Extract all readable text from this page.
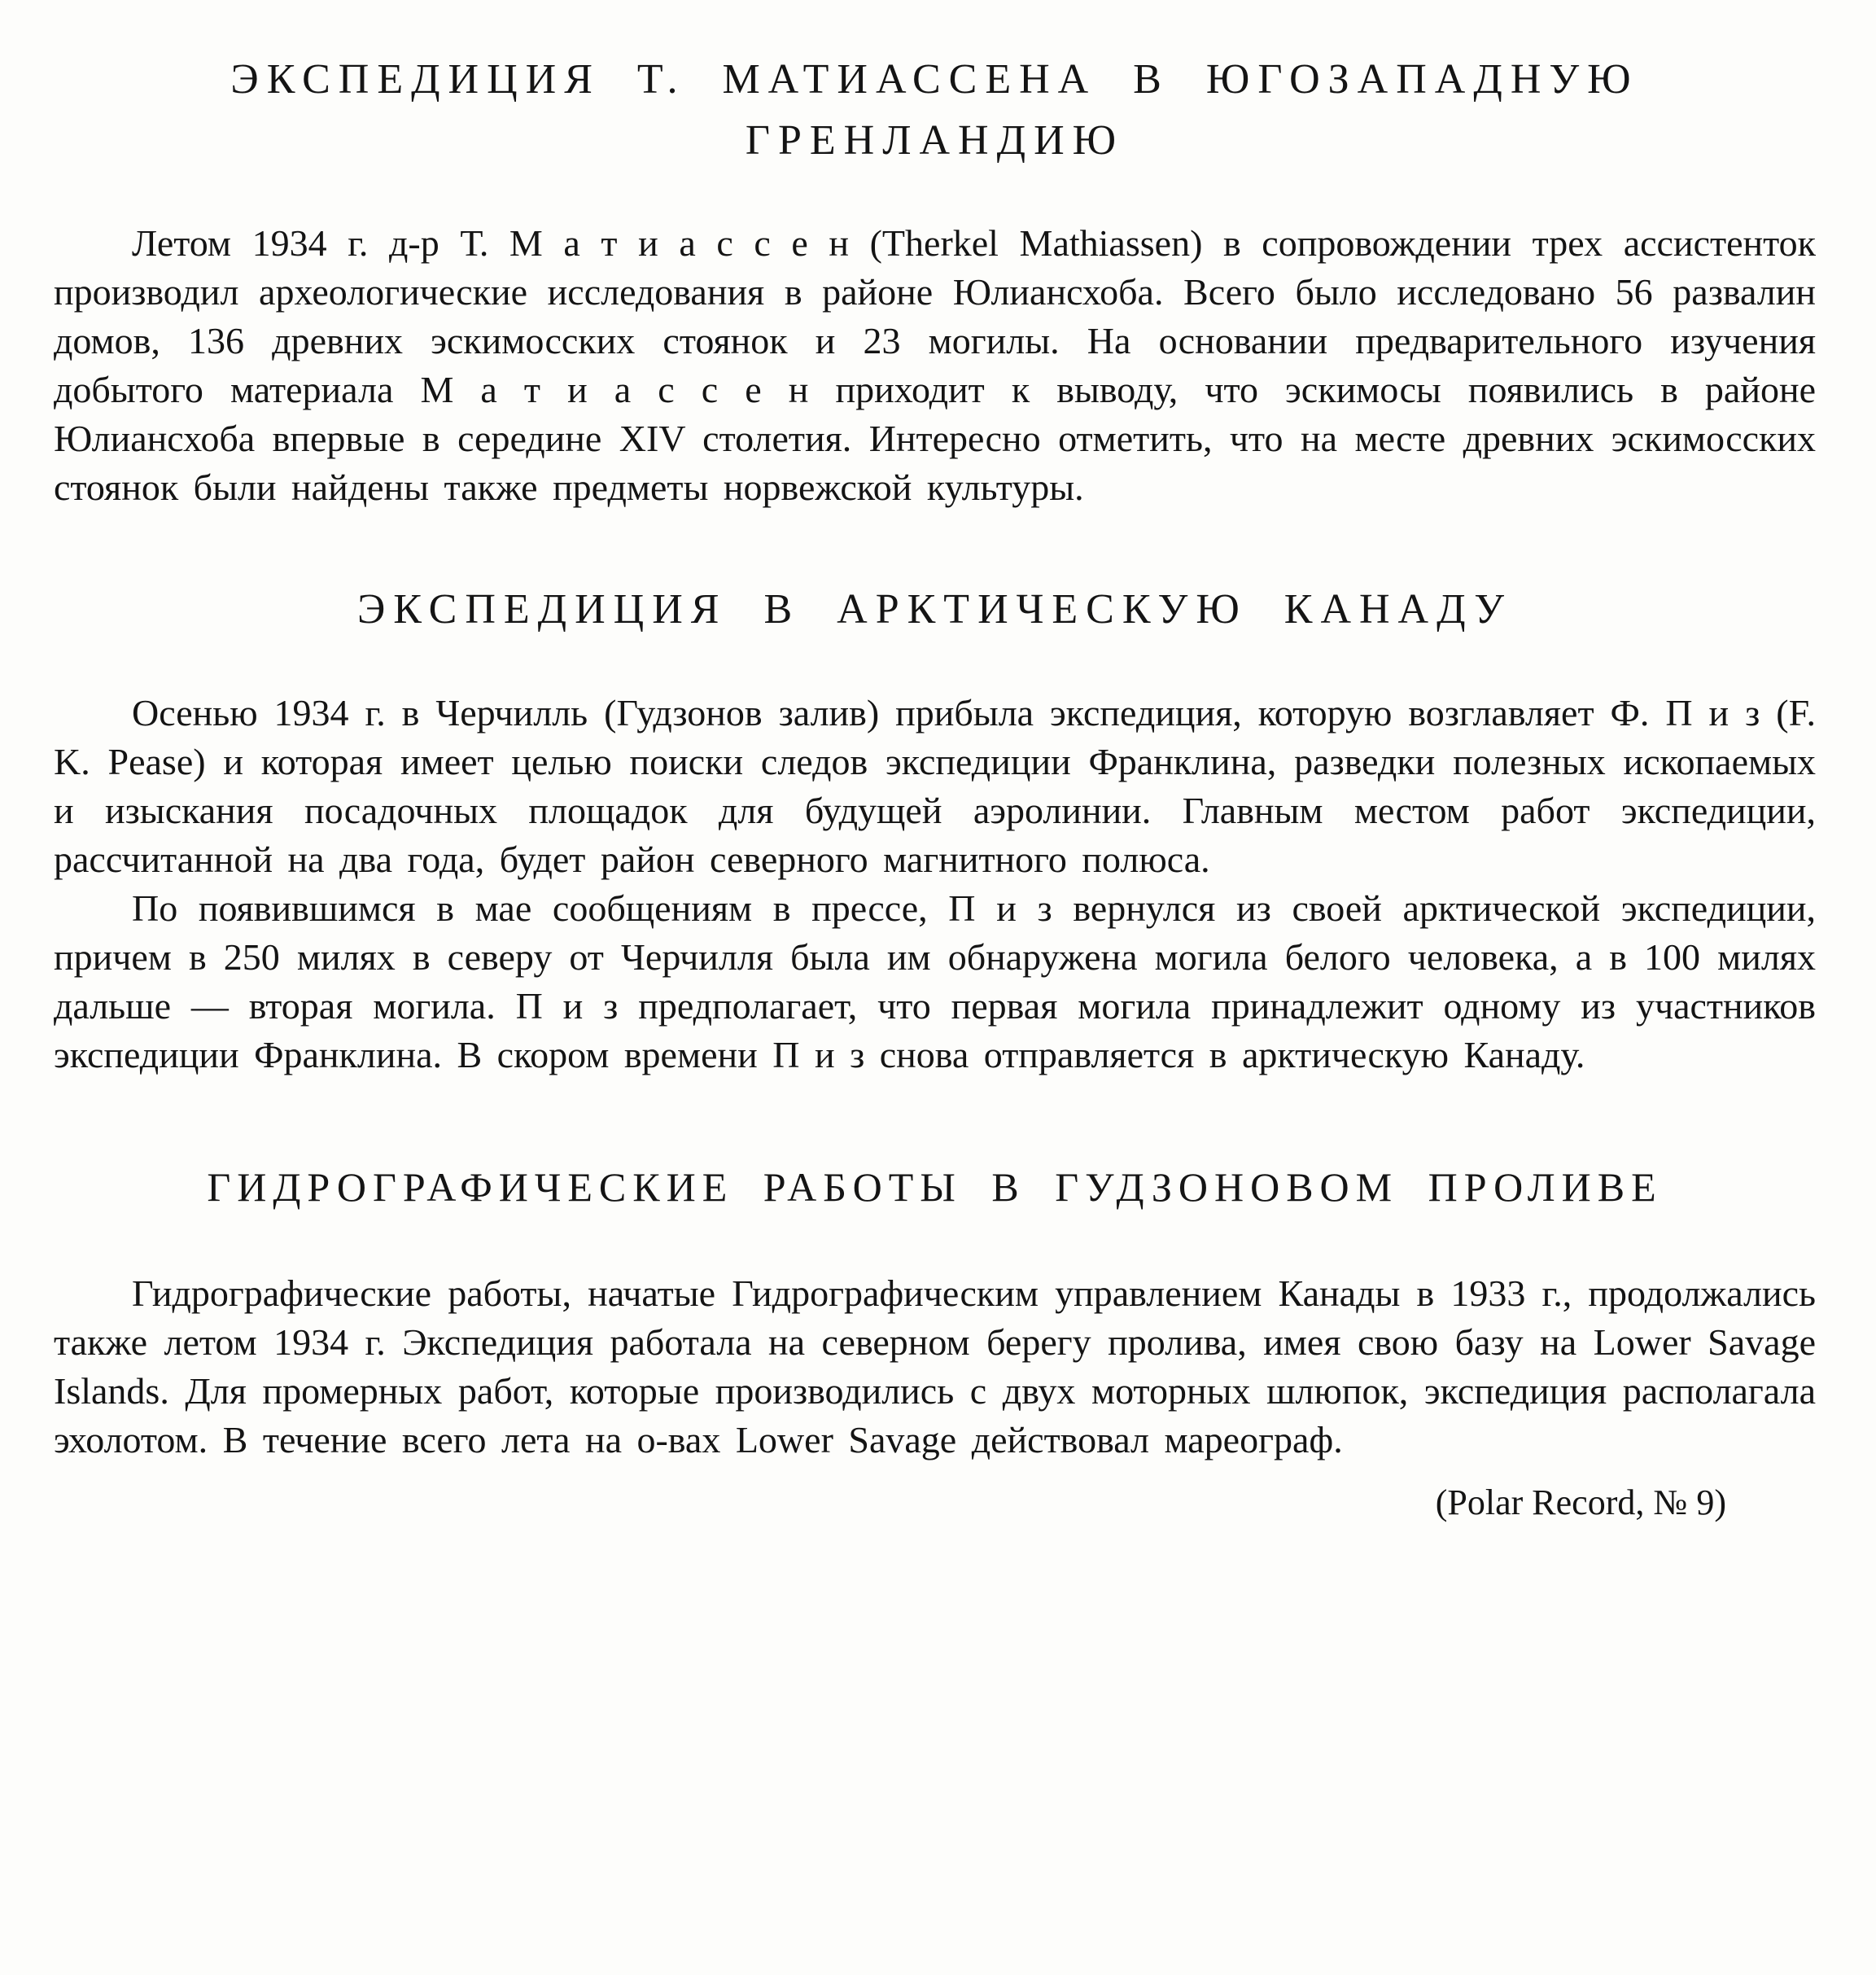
ЭКСПЕДИЦИЯ Т. МАТИАССЕНА В ЮГОЗАПАДНУЮ ГРЕНЛАНДИЮ

Летом 1934 г. д-р Т. М а т и а с с е н (Therkel Mathiassen) в сопровождении трех ассистенток производил археологические исследования в районе Юлиансхоба. Всего было исследовано 56 развалин домов, 136 древних эскимосских стоянок и 23 могилы. На основании предварительного изучения добытого материала М а т и а с с е н приходит к выводу, что эскимосы появились в районе Юлиансхоба впервые в середине XIV столетия. Интересно отметить, что на месте древних эскимосских стоянок были найдены также предметы норвежской культуры.

ЭКСПЕДИЦИЯ В АРКТИЧЕСКУЮ КАНАДУ

Осенью 1934 г. в Черчилль (Гудзонов залив) прибыла экспедиция, которую возглавляет Ф. П и з (F. K. Pease) и которая имеет целью поиски следов экспедиции Франклина, разведки полезных ископаемых и изыскания посадочных площадок для будущей аэролинии. Главным местом работ экспедиции, рассчитанной на два года, будет район северного магнитного полюса.

По появившимся в мае сообщениям в прессе, П и з вернулся из своей арктической экспедиции, причем в 250 милях в северу от Черчилля была им обнаружена могила белого человека, а в 100 милях дальше — вторая могила. П и з предполагает, что первая могила принадлежит одному из участников экспедиции Франклина. В скором времени П и з снова отправляется в арктическую Канаду.

ГИДРОГРАФИЧЕСКИЕ РАБОТЫ В ГУДЗОНОВОМ ПРОЛИВЕ

Гидрографические работы, начатые Гидрографическим управлением Канады в 1933 г., продолжались также летом 1934 г. Экспедиция работала на северном берегу пролива, имея свою базу на Lower Savage Islands. Для промерных работ, которые производились с двух моторных шлюпок, экспедиция располагала эхолотом. В течение всего лета на о-вах Lower Savage действовал мареограф.

(Polar Record, № 9)
